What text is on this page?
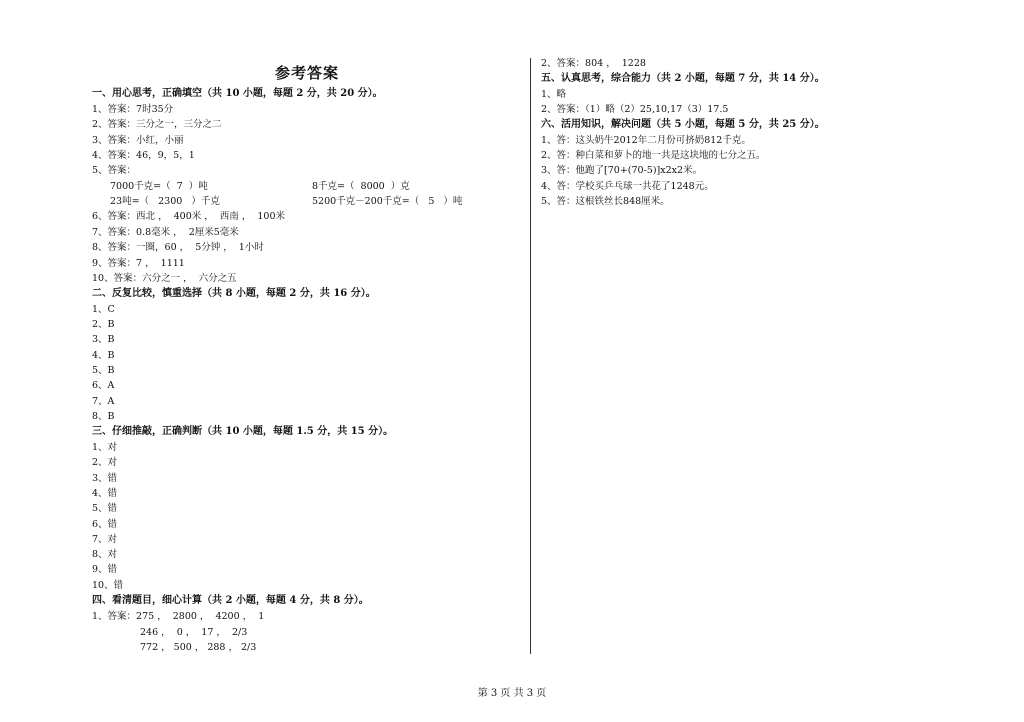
参考答案
一、用心思考，正确填空（共 10 小题，每题 2 分，共 20 分）。
1、答案：7时35分
2、答案：三分之一，三分之二
3、答案：小红，小丽
4、答案：46，9，5，1
5、答案：
7000千克=（  7  ）吨	8千克=（  8000  ）克
23吨=（   2300   ）千克	5200千克－200千克=（   5   ）吨
6、答案：西北 ，  400米 ，  西南 ，  100米
7、答案：0.8毫米 ，  2厘米5毫米
8、答案：一圈，60 ，  5分钟 ，  1小时
9、答案：7 ，  1111
10、答案：六分之一 ，  六分之五
二、反复比较，慎重选择（共 8 小题，每题 2 分，共 16 分）。
1、C
2、B
3、B
4、B
5、B
6、A
7、A
8、B
三、仔细推敲，正确判断（共 10 小题，每题 1.5 分，共 15 分）。
1、对
2、对
3、错
4、错
5、错
6、错
7、对
8、对
9、错
10、错
四、看清题目，细心计算（共 2 小题，每题 4 分，共 8 分）。
1、答案：275 ，  2800 ，  4200 ，  1
246 ，  0 ，  17 ，  2/3
772 ， 500 ， 288 ， 2/3
2、答案：804 ，  1228
五、认真思考，综合能力（共 2 小题，每题 7 分，共 14 分）。
1、略
2、答案：（1）略（2）25,10,17（3）17.5
六、活用知识，解决问题（共 5 小题，每题 5 分，共 25 分）。
1、答：这头奶牛2012年二月份可挤奶812千克。
2、答：种白菜和萝卜的地一共是这块地的七分之五。
3、答：他跑了[70+(70-5)]x2x2米。
4、答：学校买乒乓球一共花了1248元。
5、答：这根铁丝长848厘米。
第 3 页 共 3 页
